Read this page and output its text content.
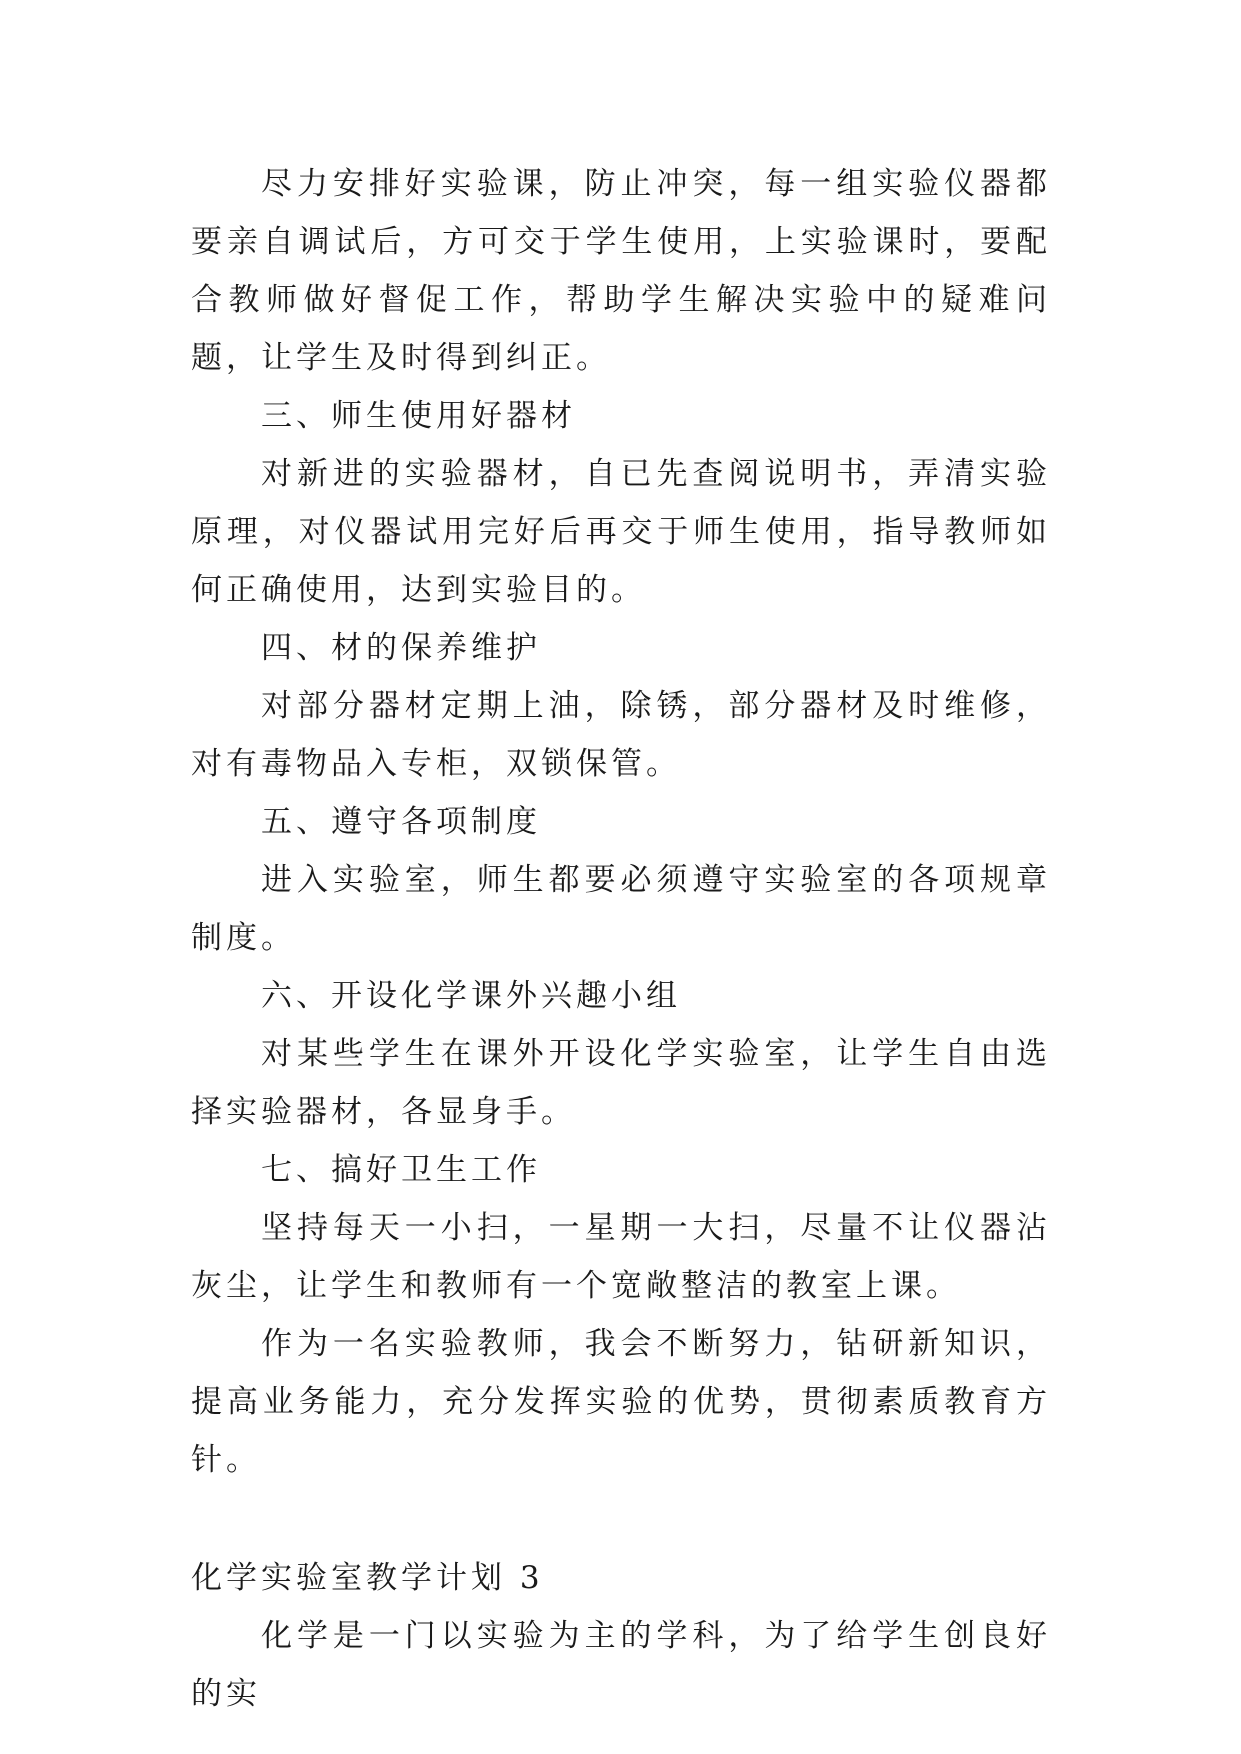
尽力安排好实验课，防止冲突，每一组实验仪器都要亲自调试后，方可交于学生使用，上实验课时，要配合教师做好督促工作，帮助学生解决实验中的疑难问题，让学生及时得到纠正。

三、师生使用好器材

对新进的实验器材，自已先查阅说明书，弄清实验原理，对仪器试用完好后再交于师生使用，指导教师如何正确使用，达到实验目的。

四、材的保养维护

对部分器材定期上油，除锈，部分器材及时维修，对有毒物品入专柜，双锁保管。

五、遵守各项制度

进入实验室，师生都要必须遵守实验室的各项规章制度。

六、开设化学课外兴趣小组

对某些学生在课外开设化学实验室，让学生自由选择实验器材，各显身手。

七、搞好卫生工作

坚持每天一小扫，一星期一大扫，尽量不让仪器沾灰尘，让学生和教师有一个宽敞整洁的教室上课。

作为一名实验教师，我会不断努力，钻研新知识，提高业务能力，充分发挥实验的优势，贯彻素质教育方针。

化学实验室教学计划 3

化学是一门以实验为主的学科，为了给学生创良好的实
